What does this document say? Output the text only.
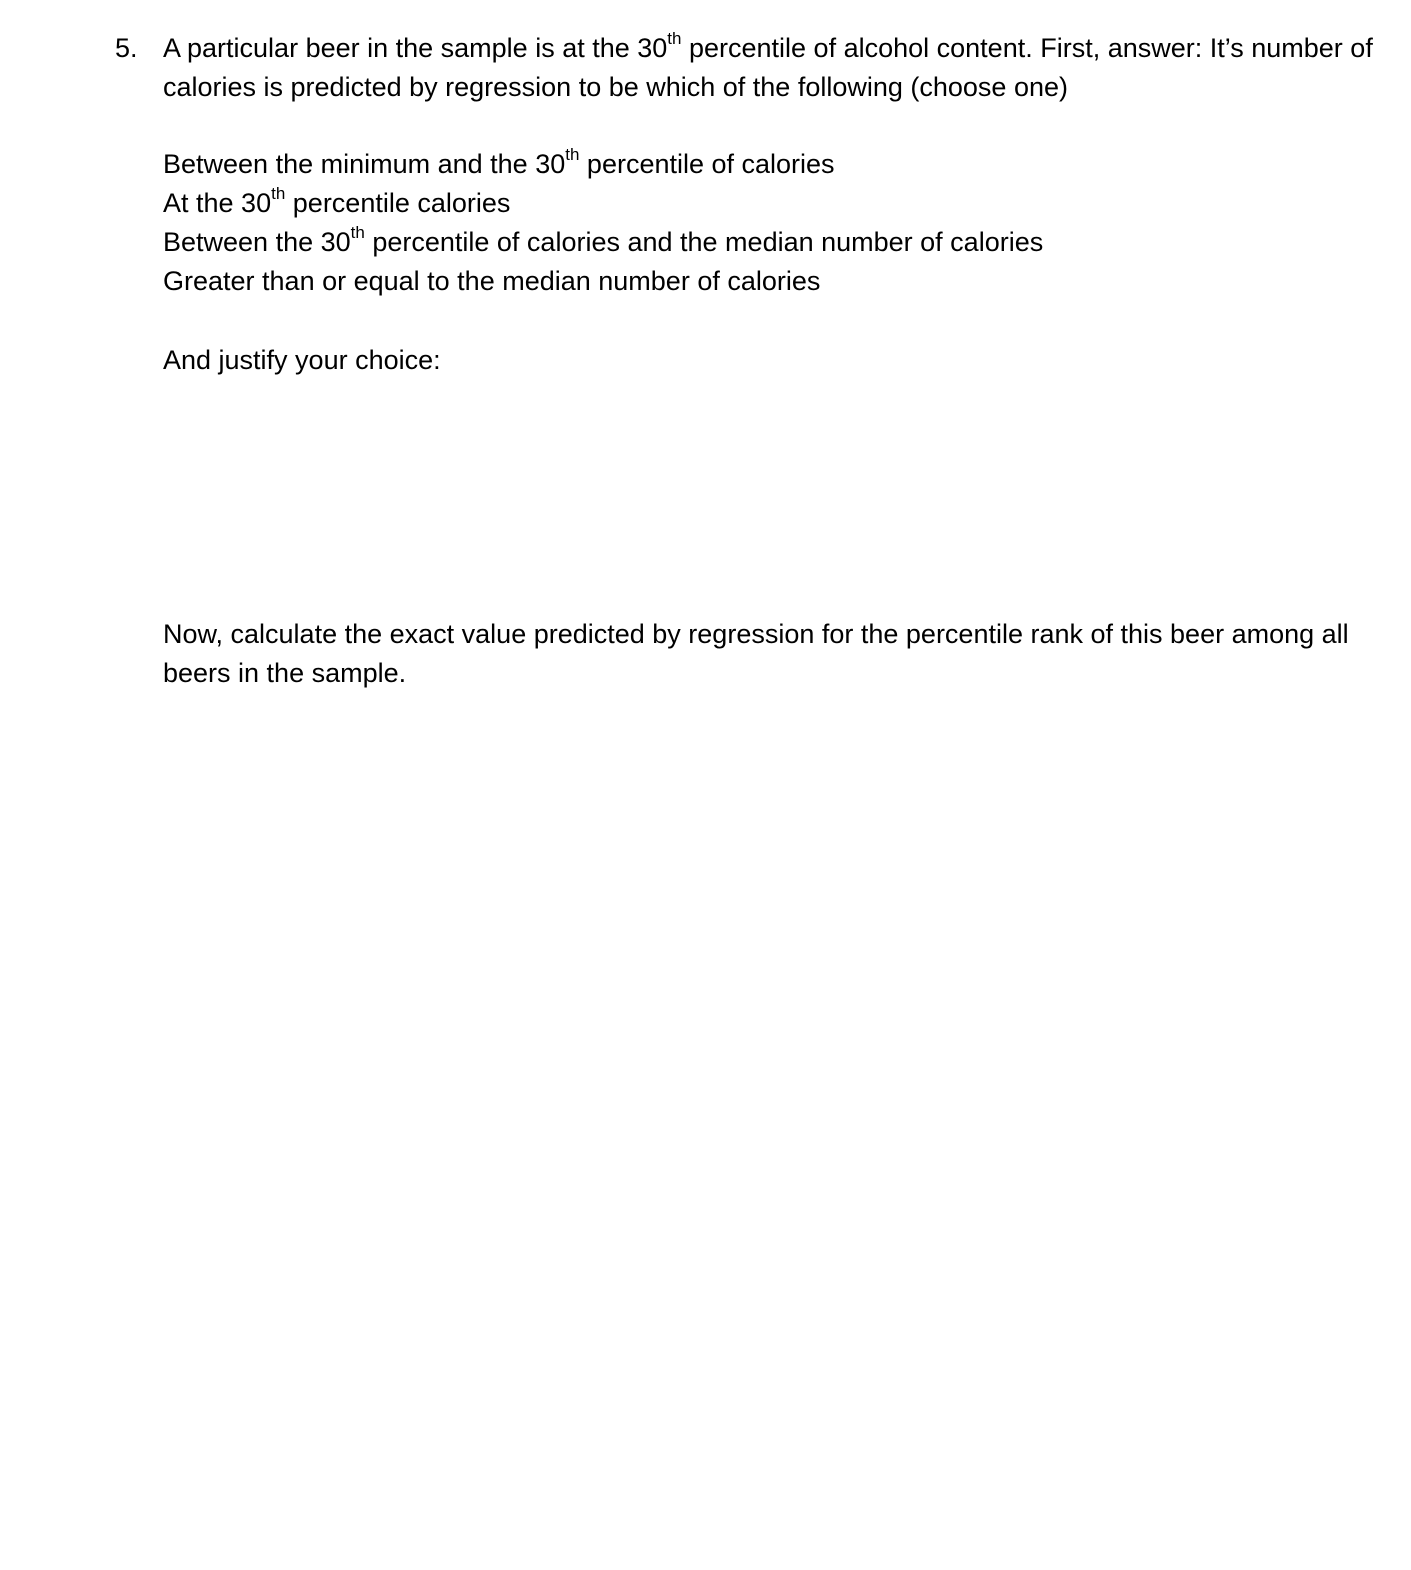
5. A particular beer in the sample is at the 30th percentile of alcohol content. First, answer: It’s number of calories is predicted by regression to be which of the following (choose one)
Between the minimum and the 30th percentile of calories
At the 30th percentile calories
Between the 30th percentile of calories and the median number of calories
Greater than or equal to the median number of calories
And justify your choice:
Now, calculate the exact value predicted by regression for the percentile rank of this beer among all beers in the sample.
